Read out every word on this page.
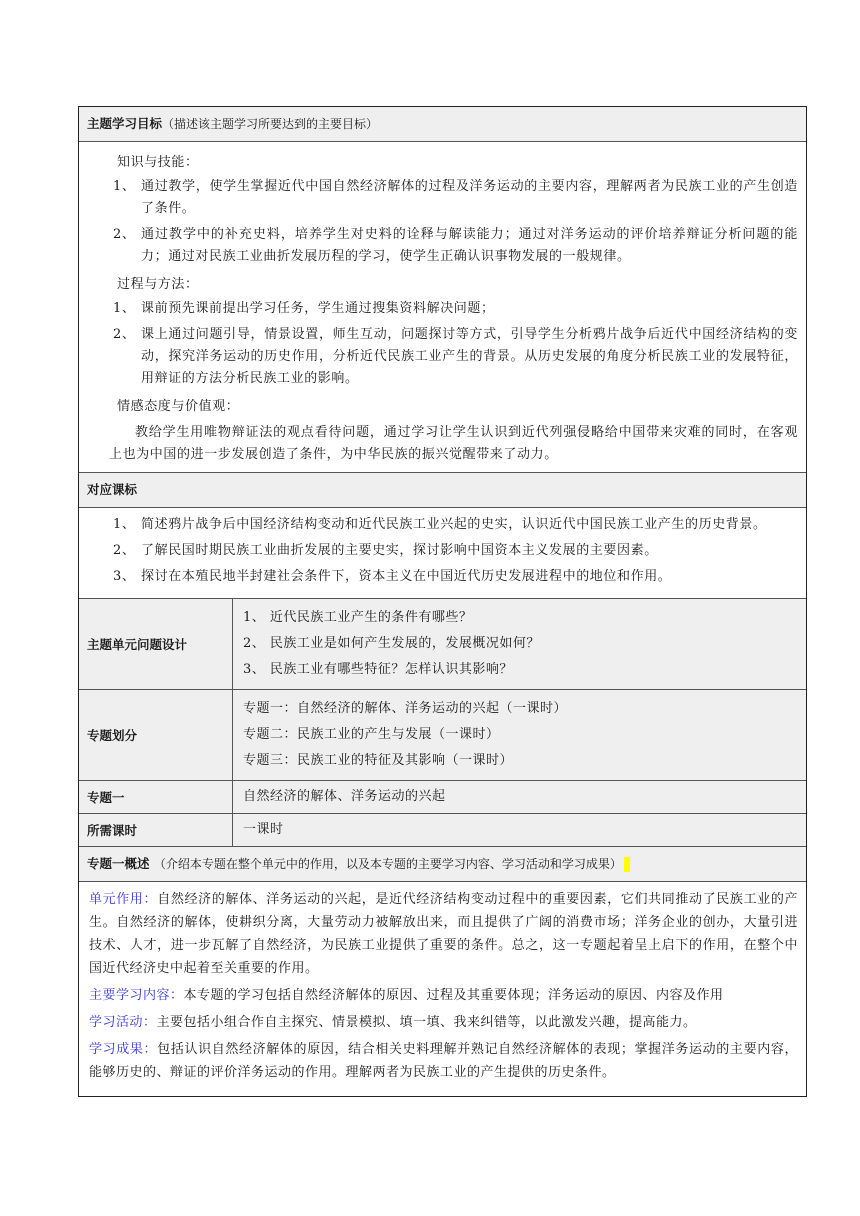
主题学习目标（描述该主题学习所要达到的主要目标）
知识与技能：
1、 通过教学，使学生掌握近代中国自然经济解体的过程及洋务运动的主要内容，理解两者为民族工业的产生创造了条件。
2、 通过教学中的补充史料，培养学生对史料的诠释与解读能力；通过对洋务运动的评价培养辩证分析问题的能力；通过对民族工业曲折发展历程的学习，使学生正确认识事物发展的一般规律。
过程与方法：
1、 课前预先课前提出学习任务，学生通过搜集资料解决问题；
2、 课上通过问题引导，情景设置，师生互动，问题探讨等方式，引导学生分析鸦片战争后近代中国经济结构的变动，探究洋务运动的历史作用，分析近代民族工业产生的背景。从历史发展的角度分析民族工业的发展特征，用辩证的方法分析民族工业的影响。
情感态度与价值观：
教给学生用唯物辩证法的观点看待问题，通过学习让学生认识到近代列强侵略给中国带来灾难的同时，在客观上也为中国的进一步发展创造了条件，为中华民族的振兴觉醒带来了动力。
对应课标
1、 简述鸦片战争后中国经济结构变动和近代民族工业兴起的史实，认识近代中国民族工业产生的历史背景。
2、 了解民国时期民族工业曲折发展的主要史实，探讨影响中国资本主义发展的主要因素。
3、 探讨在本殖民地半封建社会条件下，资本主义在中国近代历史发展进程中的地位和作用。
主题单元问题设计
1、 近代民族工业产生的条件有哪些？
2、 民族工业是如何产生发展的，发展概况如何？
3、 民族工业有哪些特征？怎样认识其影响？
专题划分
专题一：自然经济的解体、洋务运动的兴起（一课时）
专题二：民族工业的产生与发展（一课时）
专题三：民族工业的特征及其影响（一课时）
专题一	自然经济的解体、洋务运动的兴起
所需课时	一课时
专题一概述 （介绍本专题在整个单元中的作用，以及本专题的主要学习内容、学习活动和学习成果）

单元作用：自然经济的解体、洋务运动的兴起，是近代经济结构变动过程中的重要因素，它们共同推动了民族工业的产生。自然经济的解体，使耕织分离，大量劳动力被解放出来，而且提供了广阔的消费市场；洋务企业的创办，大量引进技术、人才，进一步瓦解了自然经济，为民族工业提供了重要的条件。总之，这一专题起着呈上启下的作用，在整个中国近代经济史中起着至关重要的作用。

主要学习内容：本专题的学习包括自然经济解体的原因、过程及其重要体现；洋务运动的原因、内容及作用

学习活动：主要包括小组合作自主探究、情景模拟、填一填、我来纠错等，以此激发兴趣，提高能力。

学习成果：包括认识自然经济解体的原因，结合相关史料理解并熟记自然经济解体的表现；掌握洋务运动的主要内容，能够历史的、辩证的评价洋务运动的作用。理解两者为民族工业的产生提供的历史条件。
